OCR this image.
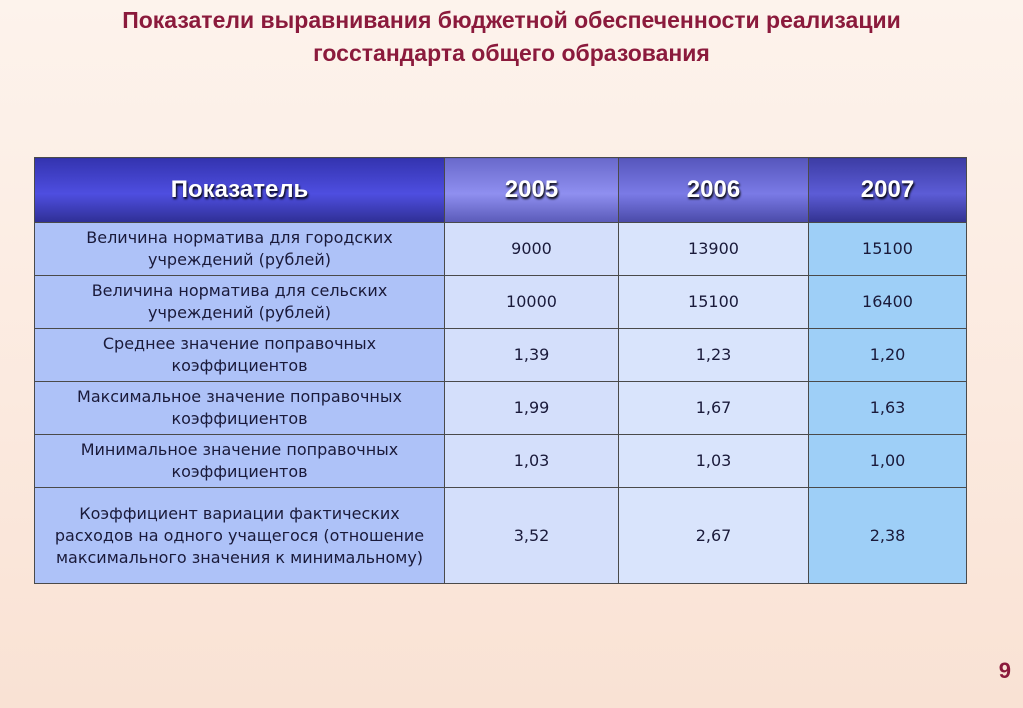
Показатели выравнивания бюджетной обеспеченности реализации
госстандарта общего образования
Показатель	2005	2006	2007
Величина норматива для городских учреждений (рублей)	9000	13900	15100
Величина норматива для сельских учреждений (рублей)	10000	15100	16400
Среднее значение поправочных коэффициентов	1,39	1,23	1,20
Максимальное значение поправочных коэффициентов	1,99	1,67	1,63
Минимальное значение поправочных коэффициентов	1,03	1,03	1,00
Коэффициент вариации фактических расходов на одного учащегося (отношение максимального значения к минимальному)	3,52	2,67	2,38
9
